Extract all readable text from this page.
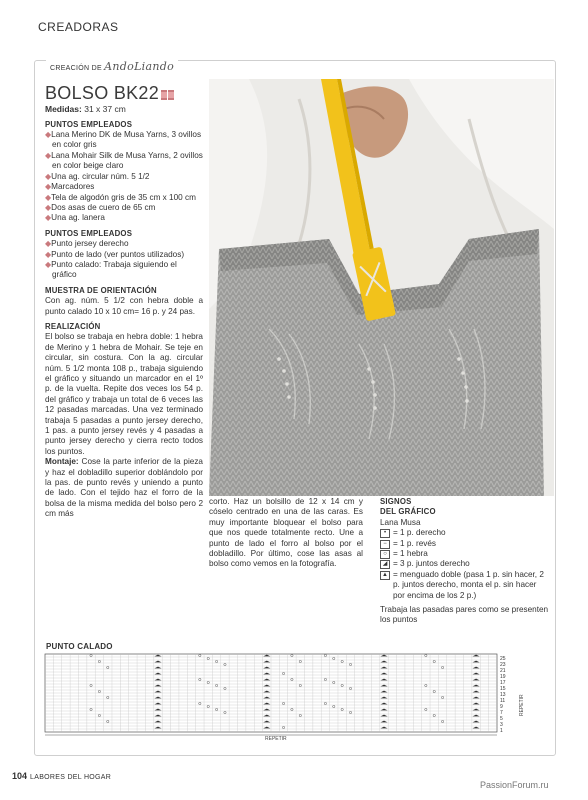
CREADORAS
CREACIÓN DE AndoLiando
BOLSO BK22
Medidas: 31 x 37 cm
PUNTOS EMPLEADOS
◆Lana Merino DK de Musa Yarns, 3 ovillos en color gris
◆Lana Mohair Silk de Musa Yarns, 2 ovillos en color beige claro
◆Una ag. circular núm. 5 1/2
◆Marcadores
◆Tela de algodón gris de 35 cm x 100 cm
◆Dos asas de cuero de 65 cm
◆Una ag. lanera
PUNTOS EMPLEADOS
◆Punto jersey derecho
◆Punto de lado (ver puntos utilizados)
◆Punto calado: Trabaja siguiendo el gráfico
MUESTRA DE ORIENTACIÓN
Con ag. núm. 5 1/2 con hebra doble a punto calado 10 x 10 cm= 16 p. y 24 pas.
REALIZACIÓN
El bolso se trabaja en hebra doble: 1 hebra de Merino y 1 hebra de Mohair. Se teje en circular, sin costura. Con la ag. circular núm. 5 1/2 monta 108 p., trabaja siguiendo el gráfico y situando un marcador en el 1º p. de la vuelta. Repite dos veces los 54 p. del gráfico y trabaja un total de 6 veces las 12 pasadas marcadas. Una vez terminado trabaja 5 pasadas a punto jersey derecho, 1 pas. a punto jersey revés y 4 pasadas a punto jersey derecho y cierra recto todos los puntos.
Montaje: Cose la parte inferior de la pieza y haz el dobladillo superior doblándolo por la pas. de punto revés y uniendo a punto de lado. Con el tejido haz el forro de la bolsa de la misma medida del bolso pero 2 cm más
corto. Haz un bolsillo de 12 x 14 cm y cóselo centrado en una de las caras. Es muy importante bloquear el bolso para que nos quede totalmente recto. Une a punto de lado el forro al bolso por el dobladillo. Por último, cose las asas al bolso como vemos en la fotografía.
SIGNOS
DEL GRÁFICO
Lana Musa
• = 1 p. derecho
− = 1 p. revés
○ = 1 hebra
◢ = 3 p. juntos derecho
▲ = menguado doble (pasa 1 p. sin hacer, 2 p. juntos derecho, monta el p. sin hacer por encima de los 2 p.)
Trabaja las pasadas pares como se presenten los puntos
PUNTO CALADO
25
23
21
19
17
15
13
11
9
7
5
3
1
REPETIR
REPETIR
104 LABORES DEL HOGAR
PassionForum.ru
